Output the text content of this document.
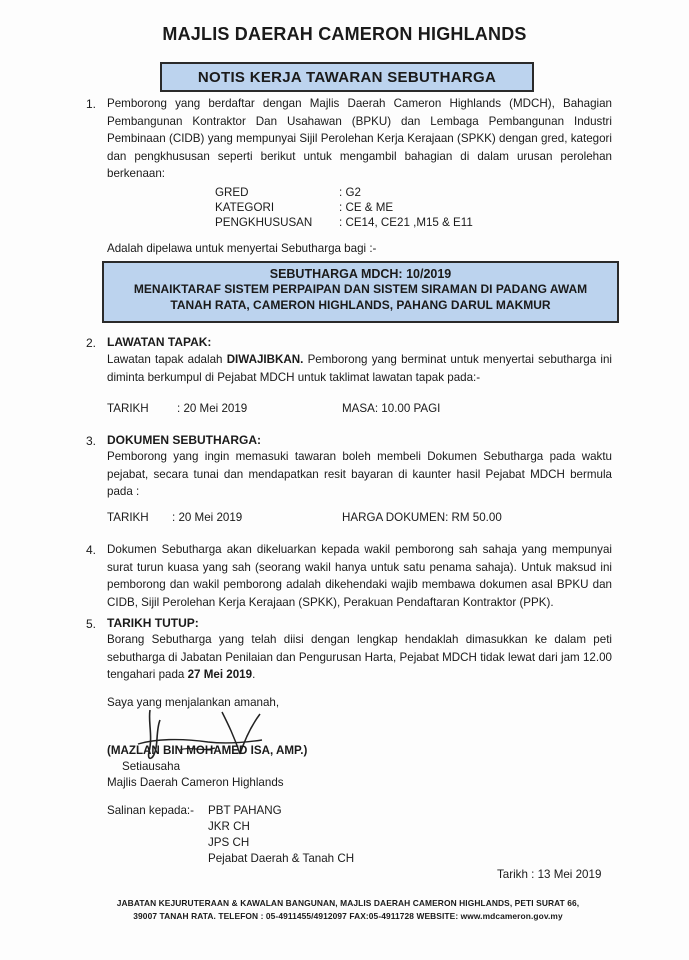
MAJLIS DAERAH CAMERON HIGHLANDS
NOTIS KERJA TAWARAN SEBUTHARGA
1. Pemborong yang berdaftar dengan Majlis Daerah Cameron Highlands (MDCH), Bahagian Pembangunan Kontraktor Dan Usahawan (BPKU) dan Lembaga Pembangunan Industri Pembinaan (CIDB) yang mempunyai Sijil Perolehan Kerja Kerajaan (SPKK) dengan gred, kategori dan pengkhususan seperti berikut untuk mengambil bahagian di dalam urusan perolehan berkenaan:
GRED	: G2
KATEGORI	: CE & ME
PENGKHUSUSAN	: CE14, CE21 ,M15 & E11
Adalah dipelawa untuk menyertai Sebutharga bagi :-
SEBUTHARGA MDCH: 10/2019
MENAIKTARAF SISTEM PERPAIPAN DAN SISTEM SIRAMAN DI PADANG AWAM TANAH RATA, CAMERON HIGHLANDS, PAHANG DARUL MAKMUR
2. LAWATAN TAPAK:
Lawatan tapak adalah DIWAJIBKAN. Pemborong yang berminat untuk menyertai sebutharga ini diminta berkumpul di Pejabat MDCH untuk taklimat lawatan tapak pada:-
TARIKH : 20 Mei 2019	MASA: 10.00 PAGI
3. DOKUMEN SEBUTHARGA:
Pemborong yang ingin memasuki tawaran boleh membeli Dokumen Sebutharga pada waktu pejabat, secara tunai dan mendapatkan resit bayaran di kaunter hasil Pejabat MDCH bermula pada :
TARIKH : 20 Mei 2019	HARGA DOKUMEN: RM 50.00
4. Dokumen Sebutharga akan dikeluarkan kepada wakil pemborong sah sahaja yang mempunyai surat turun kuasa yang sah (seorang wakil hanya untuk satu penama sahaja). Untuk maksud ini pemborong dan wakil pemborong adalah dikehendaki wajib membawa dokumen asal BPKU dan CIDB, Sijil Perolehan Kerja Kerajaan (SPKK), Perakuan Pendaftaran Kontraktor (PPK).
5. TARIKH TUTUP:
Borang Sebutharga yang telah diisi dengan lengkap hendaklah dimasukkan ke dalam peti sebutharga di Jabatan Penilaian dan Pengurusan Harta, Pejabat MDCH tidak lewat dari jam 12.00 tengahari pada 27 Mei 2019.
Saya yang menjalankan amanah,
(MAZLAN BIN MOHAMED ISA, AMP.)
Setiausaha
Majlis Daerah Cameron Highlands
Salinan kepada:- PBT PAHANG
JKR CH
JPS CH
Pejabat Daerah & Tanah CH
Tarikh : 13 Mei 2019
JABATAN KEJURUTERAAN & KAWALAN BANGUNAN, MAJLIS DAERAH CAMERON HIGHLANDS, PETI SURAT 66,
39007 TANAH RATA. TELEFON : 05-4911455/4912097 FAX:05-4911728 WEBSITE: www.mdcameron.gov.my
